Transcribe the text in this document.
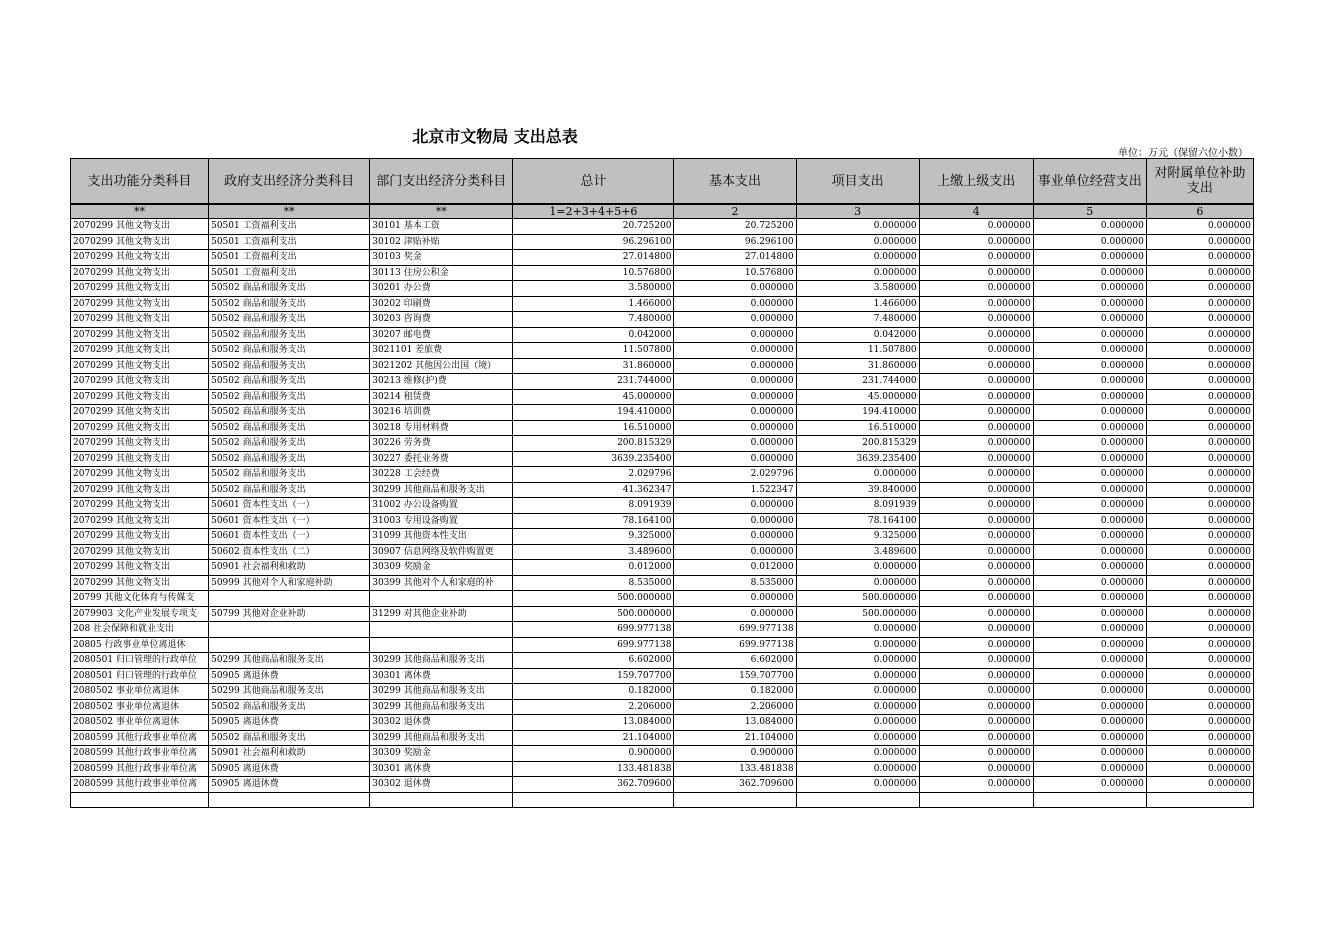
北京市文物局 支出总表
单位：万元（保留六位小数）
支出功能分类科目	政府支出经济分类科目	部门支出经济分类科目	总计	基本支出	项目支出	上缴上级支出	事业单位经营支出	对附属单位补助支出
**	**	**	1=2+3+4+5+6	2	3	4	5	6
2070299 其他文物支出	50501 工资福利支出	30101 基本工资	20.725200	20.725200	0.000000	0.000000	0.000000	0.000000
2070299 其他文物支出	50501 工资福利支出	30102 津贴补贴	96.296100	96.296100	0.000000	0.000000	0.000000	0.000000
2070299 其他文物支出	50501 工资福利支出	30103 奖金	27.014800	27.014800	0.000000	0.000000	0.000000	0.000000
2070299 其他文物支出	50501 工资福利支出	30113 住房公积金	10.576800	10.576800	0.000000	0.000000	0.000000	0.000000
2070299 其他文物支出	50502 商品和服务支出	30201 办公费	3.580000	0.000000	3.580000	0.000000	0.000000	0.000000
2070299 其他文物支出	50502 商品和服务支出	30202 印刷费	1.466000	0.000000	1.466000	0.000000	0.000000	0.000000
2070299 其他文物支出	50502 商品和服务支出	30203 咨询费	7.480000	0.000000	7.480000	0.000000	0.000000	0.000000
2070299 其他文物支出	50502 商品和服务支出	30207 邮电费	0.042000	0.000000	0.042000	0.000000	0.000000	0.000000
2070299 其他文物支出	50502 商品和服务支出	3021101 差旅费	11.507800	0.000000	11.507800	0.000000	0.000000	0.000000
2070299 其他文物支出	50502 商品和服务支出	3021202 其他因公出国（境）	31.860000	0.000000	31.860000	0.000000	0.000000	0.000000
2070299 其他文物支出	50502 商品和服务支出	30213 维修(护)费	231.744000	0.000000	231.744000	0.000000	0.000000	0.000000
2070299 其他文物支出	50502 商品和服务支出	30214 租赁费	45.000000	0.000000	45.000000	0.000000	0.000000	0.000000
2070299 其他文物支出	50502 商品和服务支出	30216 培训费	194.410000	0.000000	194.410000	0.000000	0.000000	0.000000
2070299 其他文物支出	50502 商品和服务支出	30218 专用材料费	16.510000	0.000000	16.510000	0.000000	0.000000	0.000000
2070299 其他文物支出	50502 商品和服务支出	30226 劳务费	200.815329	0.000000	200.815329	0.000000	0.000000	0.000000
2070299 其他文物支出	50502 商品和服务支出	30227 委托业务费	3639.235400	0.000000	3639.235400	0.000000	0.000000	0.000000
2070299 其他文物支出	50502 商品和服务支出	30228 工会经费	2.029796	2.029796	0.000000	0.000000	0.000000	0.000000
2070299 其他文物支出	50502 商品和服务支出	30299 其他商品和服务支出	41.362347	1.522347	39.840000	0.000000	0.000000	0.000000
2070299 其他文物支出	50601 资本性支出（一）	31002 办公设备购置	8.091939	0.000000	8.091939	0.000000	0.000000	0.000000
2070299 其他文物支出	50601 资本性支出（一）	31003 专用设备购置	78.164100	0.000000	78.164100	0.000000	0.000000	0.000000
2070299 其他文物支出	50601 资本性支出（一）	31099 其他资本性支出	9.325000	0.000000	9.325000	0.000000	0.000000	0.000000
2070299 其他文物支出	50602 资本性支出（二）	30907 信息网络及软件购置更	3.489600	0.000000	3.489600	0.000000	0.000000	0.000000
2070299 其他文物支出	50901 社会福利和救助	30309 奖励金	0.012000	0.012000	0.000000	0.000000	0.000000	0.000000
2070299 其他文物支出	50999 其他对个人和家庭补助	30399 其他对个人和家庭的补	8.535000	8.535000	0.000000	0.000000	0.000000	0.000000
20799 其他文化体育与传媒支			500.000000	0.000000	500.000000	0.000000	0.000000	0.000000
2079903 文化产业发展专项支	50799 其他对企业补助	31299 对其他企业补助	500.000000	0.000000	500.000000	0.000000	0.000000	0.000000
208 社会保障和就业支出			699.977138	699.977138	0.000000	0.000000	0.000000	0.000000
20805 行政事业单位离退休			699.977138	699.977138	0.000000	0.000000	0.000000	0.000000
2080501 归口管理的行政单位	50299 其他商品和服务支出	30299 其他商品和服务支出	6.602000	6.602000	0.000000	0.000000	0.000000	0.000000
2080501 归口管理的行政单位	50905 离退休费	30301 离休费	159.707700	159.707700	0.000000	0.000000	0.000000	0.000000
2080502 事业单位离退休	50299 其他商品和服务支出	30299 其他商品和服务支出	0.182000	0.182000	0.000000	0.000000	0.000000	0.000000
2080502 事业单位离退休	50502 商品和服务支出	30299 其他商品和服务支出	2.206000	2.206000	0.000000	0.000000	0.000000	0.000000
2080502 事业单位离退休	50905 离退休费	30302 退休费	13.084000	13.084000	0.000000	0.000000	0.000000	0.000000
2080599 其他行政事业单位离	50502 商品和服务支出	30299 其他商品和服务支出	21.104000	21.104000	0.000000	0.000000	0.000000	0.000000
2080599 其他行政事业单位离	50901 社会福利和救助	30309 奖励金	0.900000	0.900000	0.000000	0.000000	0.000000	0.000000
2080599 其他行政事业单位离	50905 离退休费	30301 离休费	133.481838	133.481838	0.000000	0.000000	0.000000	0.000000
2080599 其他行政事业单位离	50905 离退休费	30302 退休费	362.709600	362.709600	0.000000	0.000000	0.000000	0.000000
